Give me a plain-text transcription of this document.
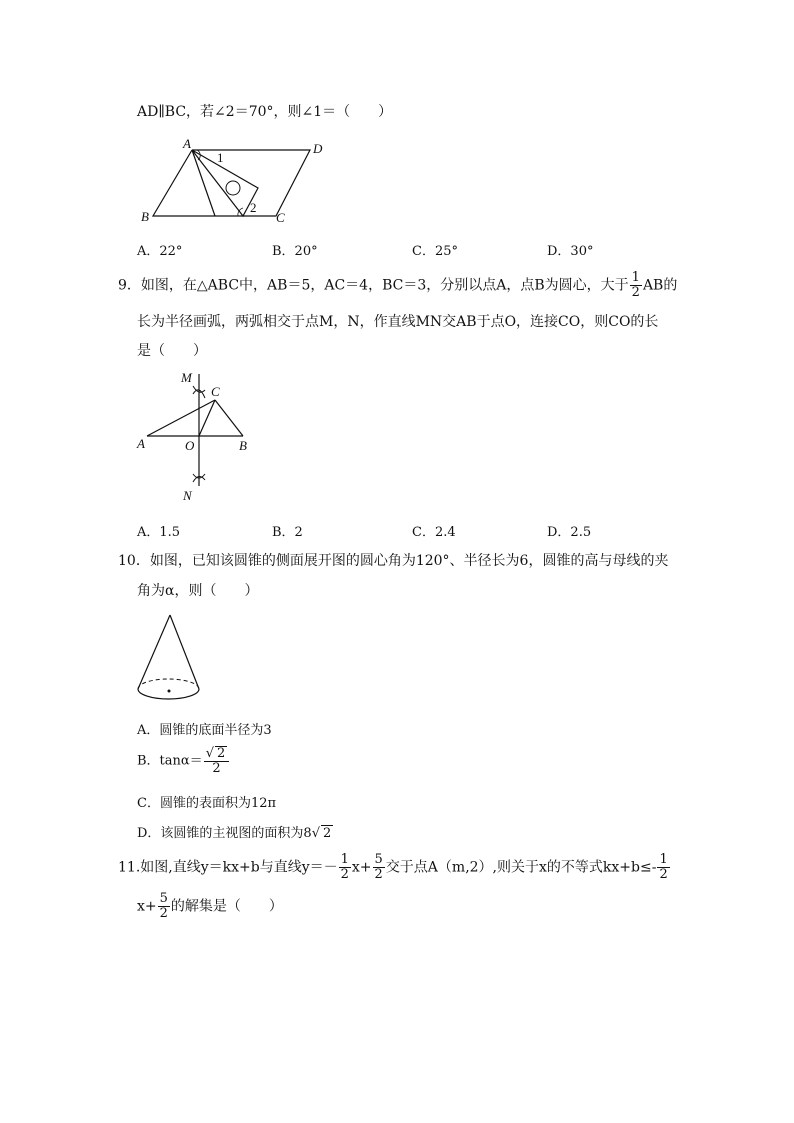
AD∥BC，若∠2＝70°，则∠1＝（　　）
A	D
B	C
1
2
A．22°	B．20°	C．25°	D．30°
9．如图，在△ABC中，AB＝5，AC＝4，BC＝3，分别以点A，点B为圆心，大于 $\frac{1}{2}$ AB的
长为半径画弧，两弧相交于点M，N，作直线MN交AB于点O，连接CO，则CO的长
是（　　）
M
C
A	O	B
N
A．1.5	B．2	C．2.4	D．2.5
10．如图，已知该圆锥的侧面展开图的圆心角为120°、半径长为6，圆锥的高与母线的夹
角为α，则（　　）
A．圆锥的底面半径为3
B．$\tan\alpha= \frac{√ 2}{2}$
C．圆锥的表面积为12π
D．该圆锥的主视图的面积为8√ 2
11.如图,直线y＝kx+b与直线$y=- \frac{1}{2} x+ \frac{5}{2}$ 交于点A（m,2）,则关于x的不等式$kx+b\le- \frac{1}{2}$
$x+ \frac{5}{2}$ 的解集是（　　）
